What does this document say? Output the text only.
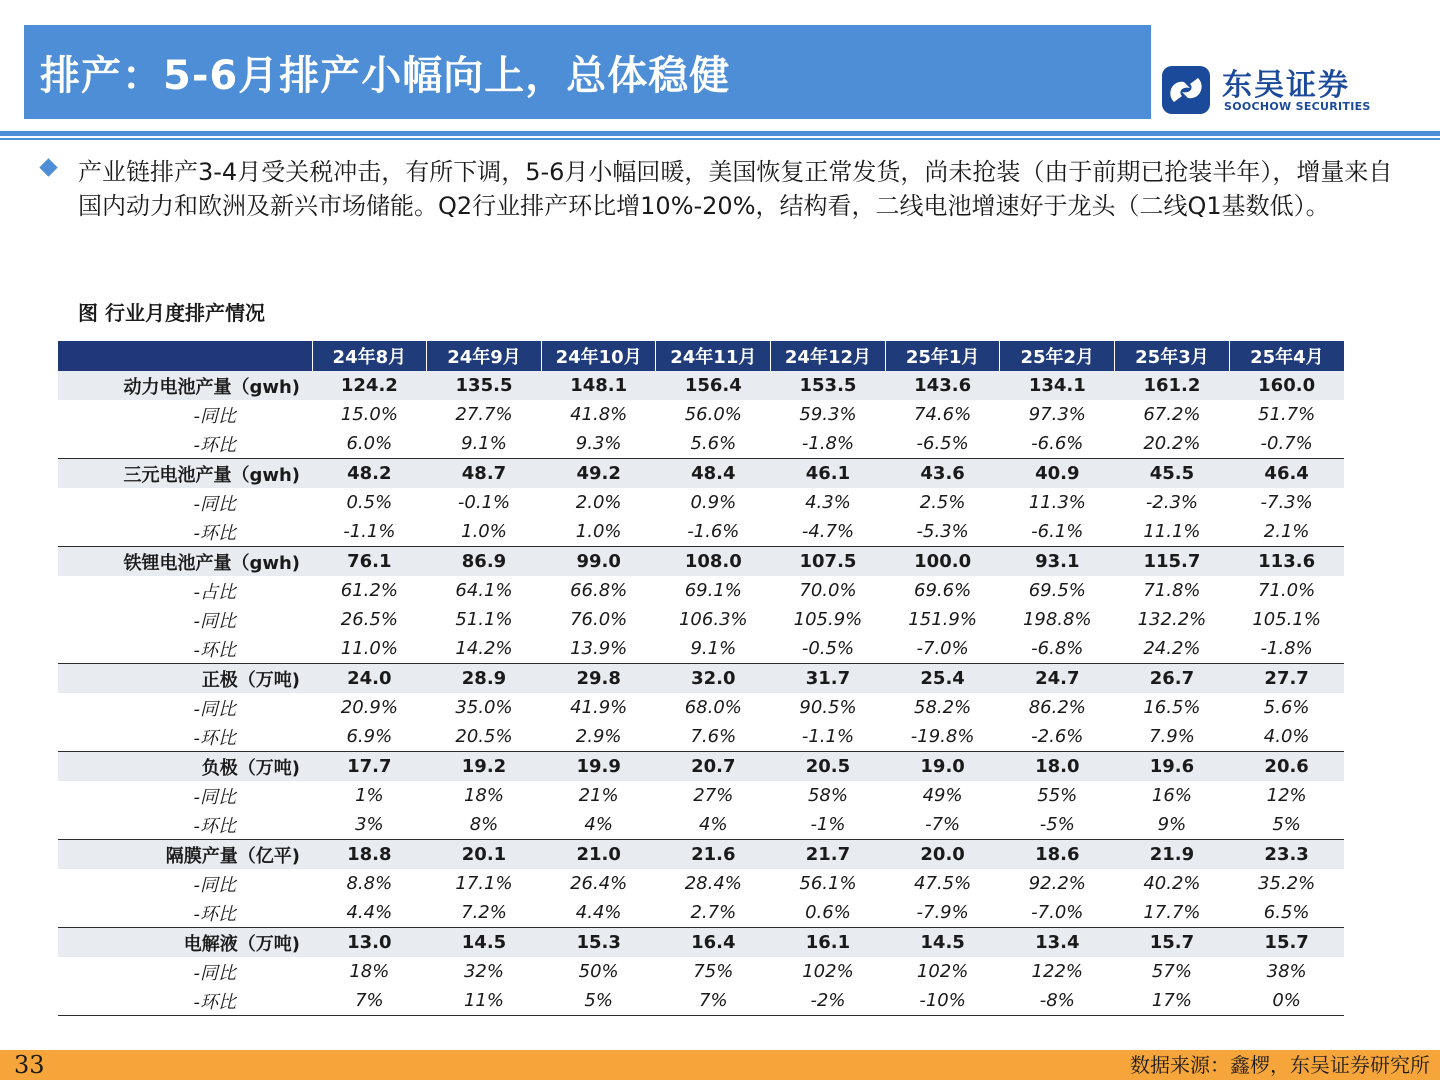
排产：5-6月排产小幅向上，总体稳健	东吴证券
SOOCHOW SECURITIES
产业链排产3-4月受关税冲击，有所下调，5-6月小幅回暖，美国恢复正常发货，尚未抢装（由于前期已抢装半年），增量来自国内动力和欧洲及新兴市场储能。Q2行业排产环比增10%-20%，结构看，二线电池增速好于龙头（二线Q1基数低）。
图 行业月度排产情况
	24年8月	24年9月	24年10月	24年11月	24年12月	25年1月	25年2月	25年3月	25年4月
动力电池产量（gwh)	124.2	135.5	148.1	156.4	153.5	143.6	134.1	161.2	160.0
-同比	15.0%	27.7%	41.8%	56.0%	59.3%	74.6%	97.3%	67.2%	51.7%
-环比	6.0%	9.1%	9.3%	5.6%	-1.8%	-6.5%	-6.6%	20.2%	-0.7%
三元电池产量（gwh)	48.2	48.7	49.2	48.4	46.1	43.6	40.9	45.5	46.4
-同比	0.5%	-0.1%	2.0%	0.9%	4.3%	2.5%	11.3%	-2.3%	-7.3%
-环比	-1.1%	1.0%	1.0%	-1.6%	-4.7%	-5.3%	-6.1%	11.1%	2.1%
铁锂电池产量（gwh)	76.1	86.9	99.0	108.0	107.5	100.0	93.1	115.7	113.6
-占比	61.2%	64.1%	66.8%	69.1%	70.0%	69.6%	69.5%	71.8%	71.0%
-同比	26.5%	51.1%	76.0%	106.3%	105.9%	151.9%	198.8%	132.2%	105.1%
-环比	11.0%	14.2%	13.9%	9.1%	-0.5%	-7.0%	-6.8%	24.2%	-1.8%
正极（万吨)	24.0	28.9	29.8	32.0	31.7	25.4	24.7	26.7	27.7
-同比	20.9%	35.0%	41.9%	68.0%	90.5%	58.2%	86.2%	16.5%	5.6%
-环比	6.9%	20.5%	2.9%	7.6%	-1.1%	-19.8%	-2.6%	7.9%	4.0%
负极（万吨)	17.7	19.2	19.9	20.7	20.5	19.0	18.0	19.6	20.6
-同比	1%	18%	21%	27%	58%	49%	55%	16%	12%
-环比	3%	8%	4%	4%	-1%	-7%	-5%	9%	5%
隔膜产量（亿平)	18.8	20.1	21.0	21.6	21.7	20.0	18.6	21.9	23.3
-同比	8.8%	17.1%	26.4%	28.4%	56.1%	47.5%	92.2%	40.2%	35.2%
-环比	4.4%	7.2%	4.4%	2.7%	0.6%	-7.9%	-7.0%	17.7%	6.5%
电解液（万吨)	13.0	14.5	15.3	16.4	16.1	14.5	13.4	15.7	15.7
-同比	18%	32%	50%	75%	102%	102%	122%	57%	38%
-环比	7%	11%	5%	7%	-2%	-10%	-8%	17%	0%
33	数据来源：鑫椤，东吴证券研究所
